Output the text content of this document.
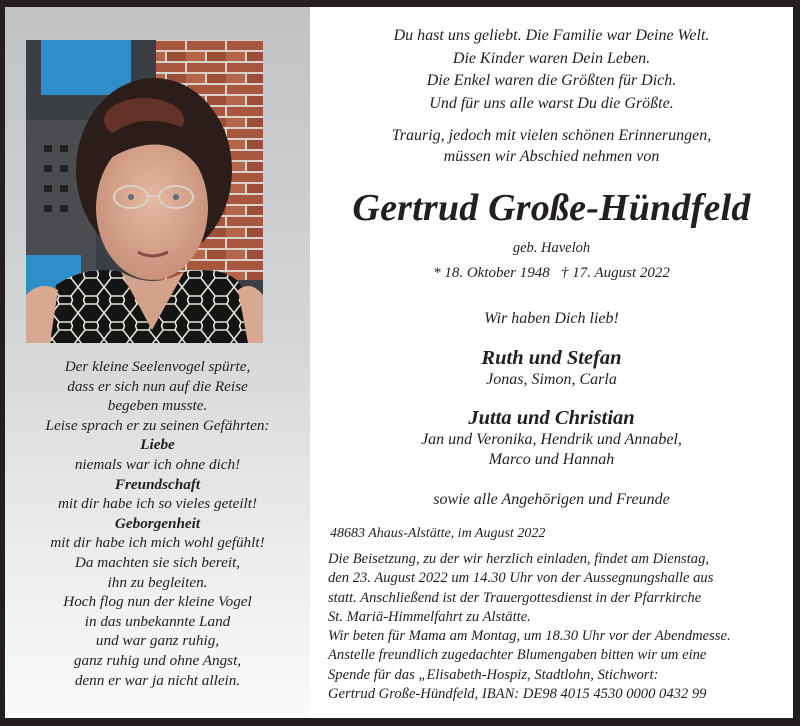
Der kleine Seelenvogel spürte,
dass er sich nun auf die Reise
begeben musste.
Leise sprach er zu seinen Gefährten:
Liebe
niemals war ich ohne dich!
Freundschaft
mit dir habe ich so vieles geteilt!
Geborgenheit
mit dir habe ich mich wohl gefühlt!
Da machten sie sich bereit,
ihn zu begleiten.
Hoch flog nun der kleine Vogel
in das unbekannte Land
und war ganz ruhig,
ganz ruhig und ohne Angst,
denn er war ja nicht allein.
Du hast uns geliebt. Die Familie war Deine Welt.
Die Kinder waren Dein Leben.
Die Enkel waren die Größten für Dich.
Und für uns alle warst Du die Größte.
Traurig, jedoch mit vielen schönen Erinnerungen,
müssen wir Abschied nehmen von
Gertrud Große-Hündfeld
geb. Haveloh
* 18. Oktober 1948 † 17. August 2022
Wir haben Dich lieb!
Ruth und Stefan
Jonas, Simon, Carla
Jutta und Christian
Jan und Veronika, Hendrik und Annabel,
Marco und Hannah
sowie alle Angehörigen und Freunde
48683 Ahaus-Alstätte, im August 2022
Die Beisetzung, zu der wir herzlich einladen, findet am Dienstag,
den 23. August 2022 um 14.30 Uhr von der Aussegnungshalle aus
statt. Anschließend ist der Trauergottesdienst in der Pfarrkirche
St. Mariä-Himmelfahrt zu Alstätte.
Wir beten für Mama am Montag, um 18.30 Uhr vor der Abendmesse.
Anstelle freundlich zugedachter Blumengaben bitten wir um eine
Spende für das „Elisabeth-Hospiz, Stadtlohn, Stichwort:
Gertrud Große-Hündfeld, IBAN: DE98 4015 4530 0000 0432 99
